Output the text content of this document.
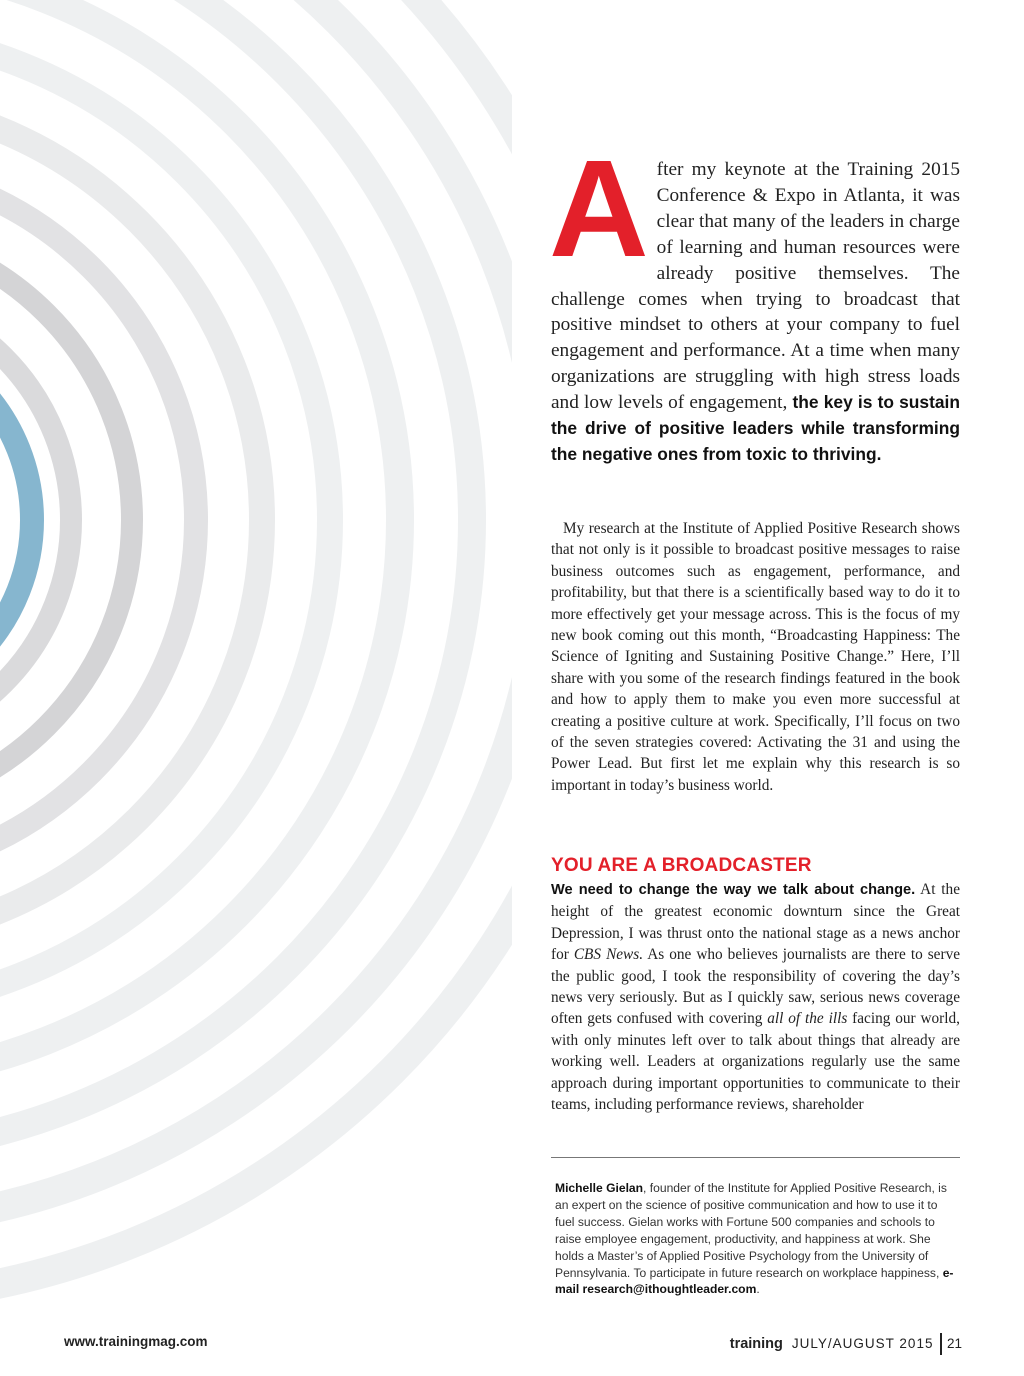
After my keynote at the Training 2015 Conference & Expo in Atlanta, it was clear that many of the leaders in charge of learning and human resources were already positive themselves. The challenge comes when trying to broadcast that positive mindset to others at your company to fuel engagement and performance. At a time when many organizations are struggling with high stress loads and low levels of engagement, the key is to sustain the drive of positive leaders while transforming the negative ones from toxic to thriving.

My research at the Institute of Applied Positive Research shows that not only is it possible to broadcast positive messages to raise business outcomes such as engagement, performance, and profitability, but that there is a scientifically based way to do it to more effectively get your message across. This is the focus of my new book coming out this month, “Broadcasting Happiness: The Science of Igniting and Sustaining Positive Change.” Here, I’ll share with you some of the research findings featured in the book and how to apply them to make you even more successful at creating a positive culture at work. Specifically, I’ll focus on two of the seven strategies covered: Activating the 31 and using the Power Lead. But first let me explain why this research is so important in today’s business world.

YOU ARE A BROADCASTER

We need to change the way we talk about change. At the height of the greatest economic downturn since the Great Depression, I was thrust onto the national stage as a news anchor for CBS News. As one who believes journalists are there to serve the public good, I took the responsibility of covering the day’s news very seriously. But as I quickly saw, serious news coverage often gets confused with covering all of the ills facing our world, with only minutes left over to talk about things that already are working well. Leaders at organizations regularly use the same approach during important opportunities to communicate to their teams, including performance reviews, shareholder

Michelle Gielan, founder of the Institute for Applied Positive Research, is an expert on the science of positive communication and how to use it to fuel success. Gielan works with Fortune 500 companies and schools to raise employee engagement, productivity, and happiness at work. She holds a Master’s of Applied Positive Psychology from the University of Pennsylvania. To participate in future research on workplace happiness, e-mail research@ithoughtleader.com.

www.trainingmag.com	training JULY/AUGUST 2015 21
